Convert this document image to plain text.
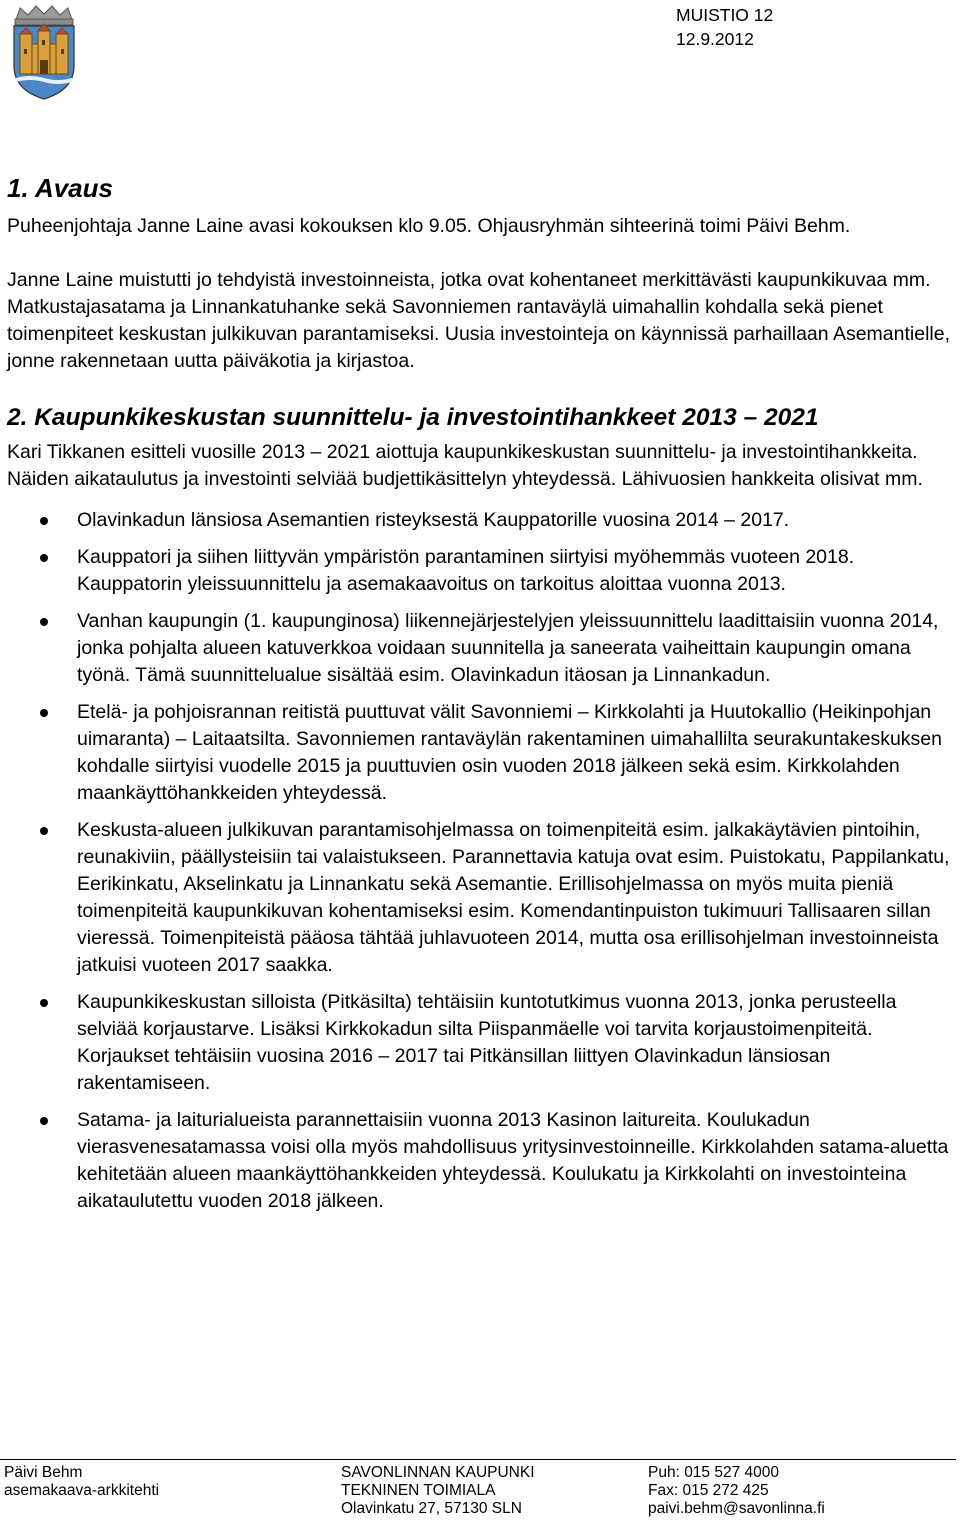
MUISTIO 12
12.9.2012
1. Avaus

Puheenjohtaja Janne Laine avasi kokouksen klo 9.05. Ohjausryhmän sihteerinä toimi Päivi Behm.

Janne Laine muistutti jo tehdyistä investoinneista, jotka ovat kohentaneet merkittävästi kaupunkikuvaa mm. Matkustajasatama ja Linnankatuhanke sekä Savonniemen rantaväylä uimahallin kohdalla sekä pienet toimenpiteet keskustan julkikuvan parantamiseksi. Uusia investointeja on käynnissä parhaillaan Asemantielle, jonne rakennetaan uutta päiväkotia ja kirjastoa.

2. Kaupunkikeskustan suunnittelu- ja investointihankkeet 2013 – 2021

Kari Tikkanen esitteli vuosille 2013 – 2021 aiottuja kaupunkikeskustan suunnittelu- ja investointihankkeita. Näiden aikataulutus ja investointi selviää budjettikäsittelyn yhteydessä. Lähivuosien hankkeita olisivat mm.

Olavinkadun länsiosa Asemantien risteyksestä Kauppatorille vuosina 2014 – 2017.
Kauppatori ja siihen liittyvän ympäristön parantaminen siirtyisi myöhemmäs vuoteen 2018. Kauppatorin yleissuunnittelu ja asemakaavoitus on tarkoitus aloittaa vuonna 2013.
Vanhan kaupungin (1. kaupunginosa) liikennejärjestelyjen yleissuunnittelu laadittaisiin vuonna 2014, jonka pohjalta alueen katuverkkoa voidaan suunnitella ja saneerata vaiheittain kaupungin omana työnä. Tämä suunnittelualue sisältää esim. Olavinkadun itäosan ja Linnankadun.
Etelä- ja pohjoisrannan reitistä puuttuvat välit Savonniemi – Kirkkolahti ja Huutokallio (Heikinpohjan uimaranta) – Laitaatsilta. Savonniemen rantaväylän rakentaminen uimahallilta seurakuntakeskuksen kohdalle siirtyisi vuodelle 2015 ja puuttuvien osin vuoden 2018 jälkeen sekä esim. Kirkkolahden maankäyttöhankkeiden yhteydessä.
Keskusta-alueen julkikuvan parantamisohjelmassa on toimenpiteitä esim. jalkakäytävien pintoihin, reunakiviin, päällysteisiin tai valaistukseen. Parannettavia katuja ovat esim. Puistokatu, Pappilankatu, Eerikinkatu, Akselinkatu ja Linnankatu sekä Asemantie. Erillisohjelmassa on myös muita pieniä toimenpiteitä kaupunkikuvan kohentamiseksi esim. Komendantinpuiston tukimuuri Tallisaaren sillan vieressä. Toimenpiteistä pääosa tähtää juhlavuoteen 2014, mutta osa erillisohjelman investoinneista jatkuisi vuoteen 2017 saakka.
Kaupunkikeskustan silloista (Pitkäsilta) tehtäisiin kuntotutkimus vuonna 2013, jonka perusteella selviää korjaustarve. Lisäksi Kirkkokadun silta Piispanmäelle voi tarvita korjaustoimenpiteitä. Korjaukset tehtäisiin vuosina 2016 – 2017 tai Pitkänsillan liittyen Olavinkadun länsiosan rakentamiseen.
Satama- ja laiturialueista parannettaisiin vuonna 2013 Kasinon laitureita. Koulukadun vierasvenesatamassa voisi olla myös mahdollisuus yritysinvestoinneille. Kirkkolahden satama-aluetta kehitetään alueen maankäyttöhankkeiden yhteydessä. Koulukatu ja Kirkkolahti on investointeina aikataulutettu vuoden 2018 jälkeen.
Päivi Behm
asemakaava-arkkitehti
SAVONLINNAN KAUPUNKI
TEKNINEN TOIMIALA
Olavinkatu 27, 57130 SLN
Puh: 015 527 4000
Fax: 015 272 425
paivi.behm@savonlinna.fi
